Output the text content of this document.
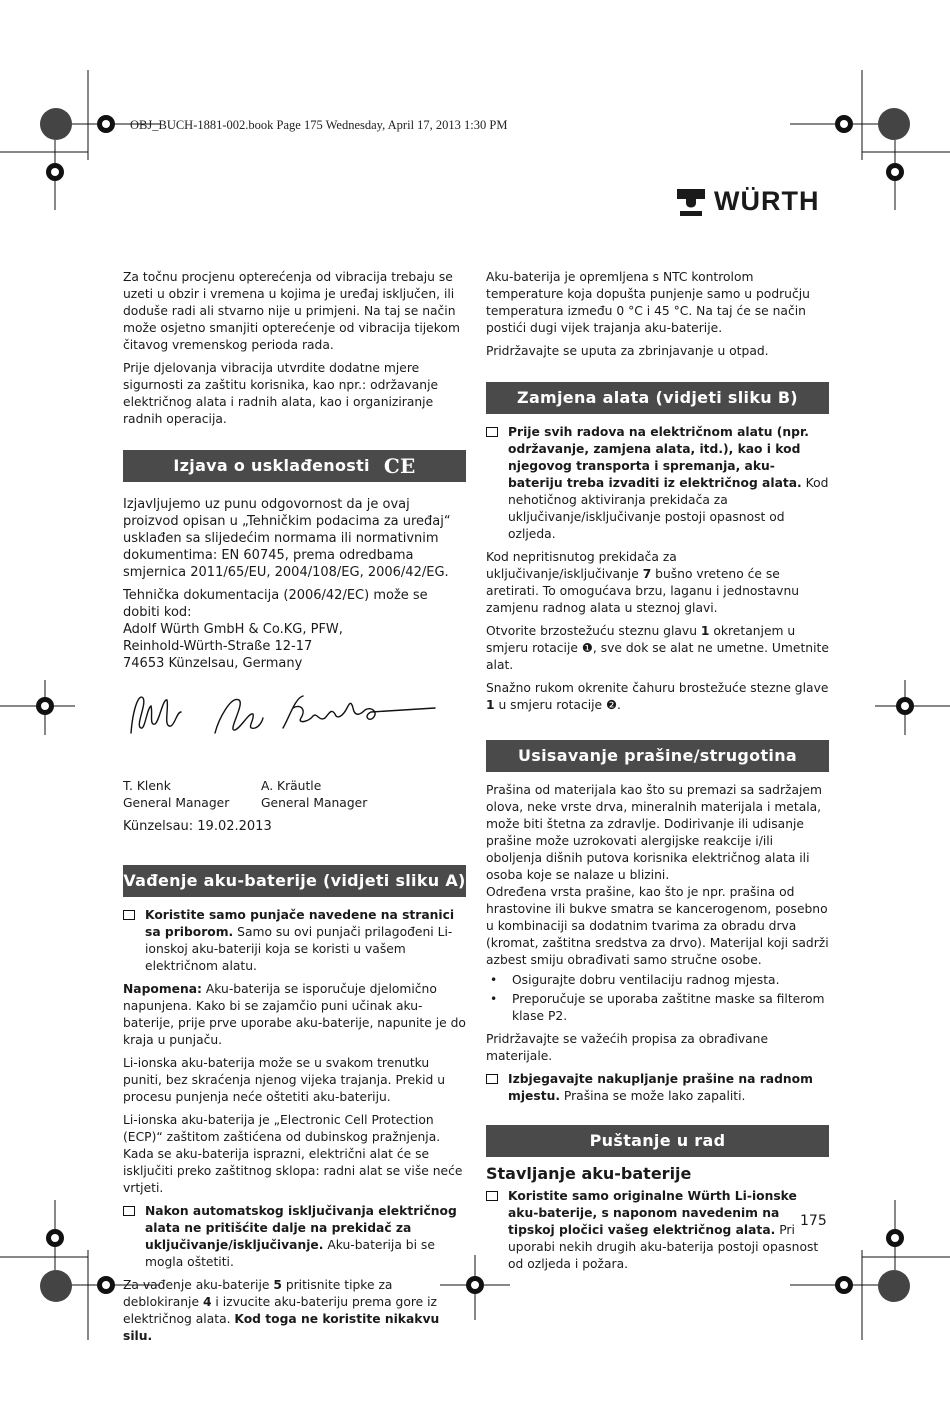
OBJ_BUCH-1881-002.book Page 175 Wednesday, April 17, 2013 1:30 PM
WÜRTH

Za točnu procjenu opterećenja od vibracija trebaju se uzeti u obzir i vremena u kojima je uređaj isključen, ili doduše radi ali stvarno nije u primjeni. Na taj se način može osjetno smanjiti opterećenje od vibracija tijekom čitavog vremenskog perioda rada.

Prije djelovanja vibracija utvrdite dodatne mjere sigurnosti za zaštitu korisnika, kao npr.: održavanje električnog alata i radnih alata, kao i organiziranje radnih operacija.

Izjava o usklađenosti CE

Izjavljujemo uz punu odgovornost da je ovaj proizvod opisan u „Tehničkim podacima za uređaj“ usklađen sa slijedećim normama ili normativnim dokumentima: EN 60745, prema odredbama smjernica 2011/65/EU, 2004/108/EG, 2006/42/EG.

Tehnička dokumentacija (2006/42/EC) može se dobiti kod:
Adolf Würth GmbH & Co.KG, PFW,
Reinhold-Würth-Straße 12-17
74653 Künzelsau, Germany
T. Klenk	A. Kräutle
General Manager	General Manager

Künzelsau: 19.02.2013

Vađenje aku-baterije (vidjeti sliku A)
Koristite samo punjače navedene na stranici sa priborom. Samo su ovi punjači prilagođeni Li-ionskoj aku-bateriji koja se koristi u vašem električnom alatu.

Napomena: Aku-baterija se isporučuje djelomično napunjena. Kako bi se zajamčio puni učinak aku-baterije, prije prve uporabe aku-baterije, napunite je do kraja u punjaču.

Li-ionska aku-baterija može se u svakom trenutku puniti, bez skraćenja njenog vijeka trajanja. Prekid u procesu punjenja neće oštetiti aku-bateriju.

Li-ionska aku-baterija je „Electronic Cell Protection (ECP)“ zaštitom zaštićena od dubinskog pražnjenja. Kada se aku-baterija isprazni, električni alat će se isključiti preko zaštitnog sklopa: radni alat se više neće vrtjeti.

Nakon automatskog isključivanja električnog alata ne pritišćite dalje na prekidač za uključivanje/isključivanje. Aku-baterija bi se mogla oštetiti.

Za vađenje aku-baterije 5 pritisnite tipke za deblokiranje 4 i izvucite aku-bateriju prema gore iz električnog alata. Kod toga ne koristite nikakvu silu.

Aku-baterija je opremljena s NTC kontrolom temperature koja dopušta punjenje samo u području temperatura između 0 °C i 45 °C. Na taj će se način postići dugi vijek trajanja aku-baterije.

Pridržavajte se uputa za zbrinjavanje u otpad.

Zamjena alata (vidjeti sliku B)
Prije svih radova na električnom alatu (npr. održavanje, zamjena alata, itd.), kao i kod njegovog transporta i spremanja, aku-bateriju treba izvaditi iz električnog alata. Kod nehotičnog aktiviranja prekidača za uključivanje/isključivanje postoji opasnost od ozljeda.

Kod nepritisnutog prekidača za uključivanje/isključivanje 7 bušno vreteno će se aretirati. To omogućava brzu, laganu i jednostavnu zamjenu radnog alata u steznoj glavi.

Otvorite brzostežuću steznu glavu 1 okretanjem u smjeru rotacije ❶, sve dok se alat ne umetne. Umetnite alat.

Snažno rukom okrenite čahuru brostežuće stezne glave 1 u smjeru rotacije ❷.

Usisavanje prašine/strugotina

Prašina od materijala kao što su premazi sa sadržajem olova, neke vrste drva, mineralnih materijala i metala, može biti štetna za zdravlje. Dodirivanje ili udisanje prašine može uzrokovati alergijske reakcije i/ili oboljenja dišnih putova korisnika električnog alata ili osoba koje se nalaze u blizini.

Određena vrsta prašine, kao što je npr. prašina od hrastovine ili bukve smatra se kancerogenom, posebno u kombinaciji sa dodatnim tvarima za obradu drva (kromat, zaštitna sredstva za drvo). Materijal koji sadrži azbest smiju obrađivati samo stručne osobe.

•	Osigurajte dobru ventilaciju radnog mjesta.
•	Preporučuje se uporaba zaštitne maske sa filterom klase P2.

Pridržavajte se važećih propisa za obrađivane materijale.

Izbjegavajte nakupljanje prašine na radnom mjestu. Prašina se može lako zapaliti.
Puštanje u rad
Stavljanje aku-baterije
Koristite samo originalne Würth Li-ionske aku-baterije, s naponom navedenim na tipskoj pločici vašeg električnog alata. Pri uporabi nekih drugih aku-baterija postoji opasnost od ozljeda i požara.
175
